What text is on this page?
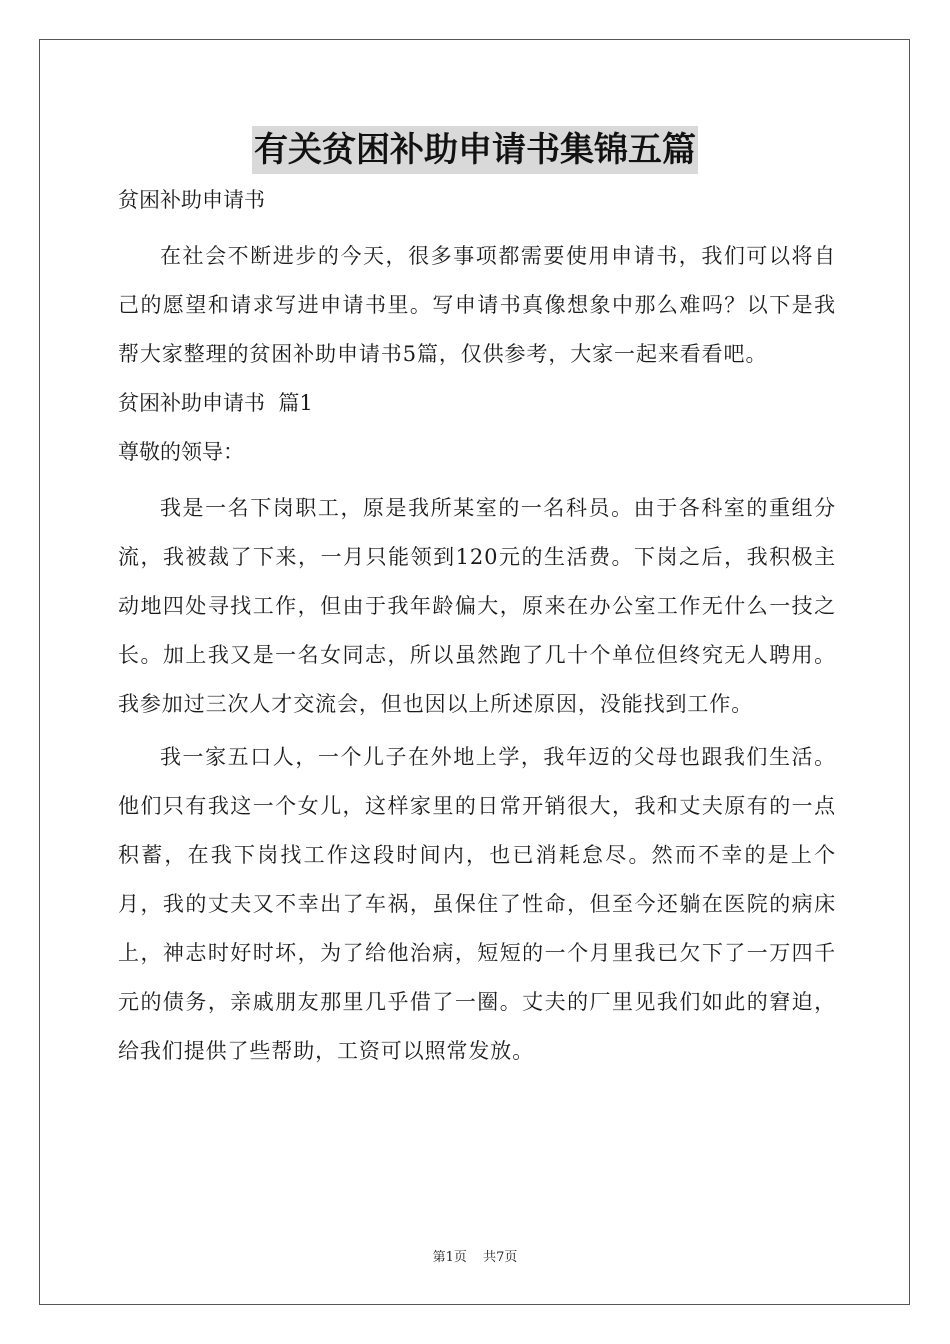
有关贫困补助申请书集锦五篇

贫困补助申请书

在社会不断进步的今天，很多事项都需要使用申请书，我们可以将自己的愿望和请求写进申请书里。写申请书真像想象中那么难吗？以下是我帮大家整理的贫困补助申请书5篇，仅供参考，大家一起来看看吧。

贫困补助申请书  篇1

尊敬的领导：

我是一名下岗职工，原是我所某室的一名科员。由于各科室的重组分流，我被裁了下来，一月只能领到120元的生活费。下岗之后，我积极主动地四处寻找工作，但由于我年龄偏大，原来在办公室工作无什么一技之长。加上我又是一名女同志，所以虽然跑了几十个单位但终究无人聘用。我参加过三次人才交流会，但也因以上所述原因，没能找到工作。

我一家五口人，一个儿子在外地上学，我年迈的父母也跟我们生活。他们只有我这一个女儿，这样家里的日常开销很大，我和丈夫原有的一点积蓄，在我下岗找工作这段时间内，也已消耗怠尽。然而不幸的是上个月，我的丈夫又不幸出了车祸，虽保住了性命，但至今还躺在医院的病床上，神志时好时坏，为了给他治病，短短的一个月里我已欠下了一万四千元的债务，亲戚朋友那里几乎借了一圈。丈夫的厂里见我们如此的窘迫，给我们提供了些帮助，工资可以照常发放。

第1页 共7页
